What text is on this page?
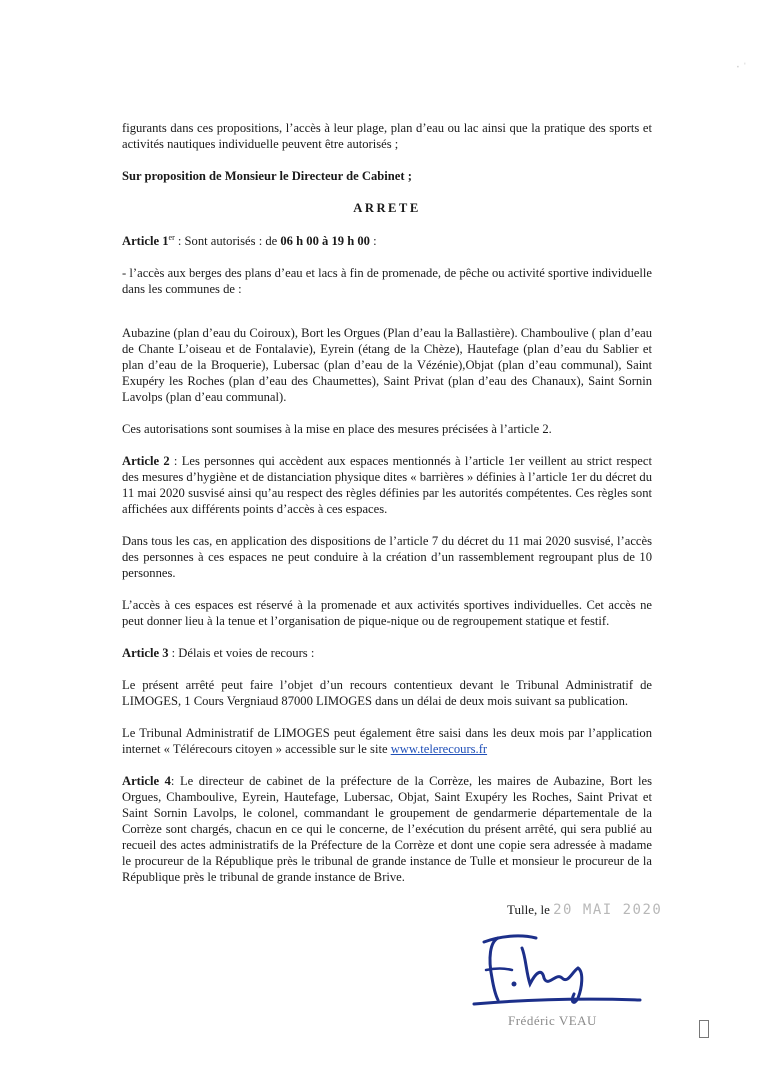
‧ ˈ

figurants dans ces propositions, l’accès à leur plage, plan d’eau ou lac ainsi que la pratique des sports et activités nautiques individuelle peuvent être autorisés ;

Sur proposition de Monsieur le Directeur de Cabinet ;

ARRETE

Article 1er : Sont autorisés : de 06 h 00 à 19 h 00 :

- l’accès aux berges des plans d’eau et lacs à fin de promenade, de pêche ou activité sportive individuelle dans les communes de :

Aubazine (plan d’eau du Coiroux), Bort les Orgues (Plan d’eau la Ballastière). Chamboulive ( plan d’eau de Chante L’oiseau et de Fontalavie), Eyrein (étang de la Chèze), Hautefage (plan d’eau du Sablier et plan d’eau de la Broquerie), Lubersac (plan d’eau de la Vézénie),Objat (plan d’eau communal), Saint Exupéry les Roches (plan d’eau des Chaumettes), Saint Privat (plan d’eau des Chanaux), Saint Sornin Lavolps (plan d’eau communal).

Ces autorisations sont soumises à la mise en place des mesures précisées à l’article 2.

Article 2 : Les personnes qui accèdent aux espaces mentionnés à l’article 1er veillent au strict respect des mesures d’hygiène et de distanciation physique dites « barrières » définies à l’article 1er du décret du 11 mai 2020 susvisé ainsi qu’au respect des règles définies par les autorités compétentes. Ces règles sont affichées aux différents points d’accès à ces espaces.

Dans tous les cas, en application des dispositions de l’article 7 du décret du 11 mai 2020 susvisé, l’accès des personnes à ces espaces ne peut conduire à la création d’un rassemblement regroupant plus de 10 personnes.

L’accès à ces espaces est réservé à la promenade et aux activités sportives individuelles. Cet accès ne peut donner lieu à la tenue et l’organisation de pique-nique ou de regroupement statique et festif.

Article 3 : Délais et voies de recours :

Le présent arrêté peut faire l’objet d’un recours contentieux devant le Tribunal Administratif de LIMOGES, 1 Cours Vergniaud 87000 LIMOGES dans un délai de deux mois suivant sa publication.

Le Tribunal Administratif de LIMOGES peut également être saisi dans les deux mois par l’application internet « Télérecours citoyen » accessible sur le site www.telerecours.fr

Article 4: Le directeur de cabinet de la préfecture de la Corrèze, les maires de Aubazine, Bort les Orgues, Chamboulive, Eyrein, Hautefage, Lubersac, Objat, Saint Exupéry les Roches, Saint Privat et Saint Sornin Lavolps, le colonel, commandant le groupement de gendarmerie départementale de la Corrèze sont chargés, chacun en ce qui le concerne, de l’exécution du présent arrêté, qui sera publié au recueil des actes administratifs de la Préfecture de la Corrèze et dont une copie sera adressée à madame le procureur de la République près le tribunal de grande instance de Tulle et monsieur le procureur de la République près le tribunal de grande instance de Brive.

Tulle, le 20 MAI 2020
Frédéric VEAU
